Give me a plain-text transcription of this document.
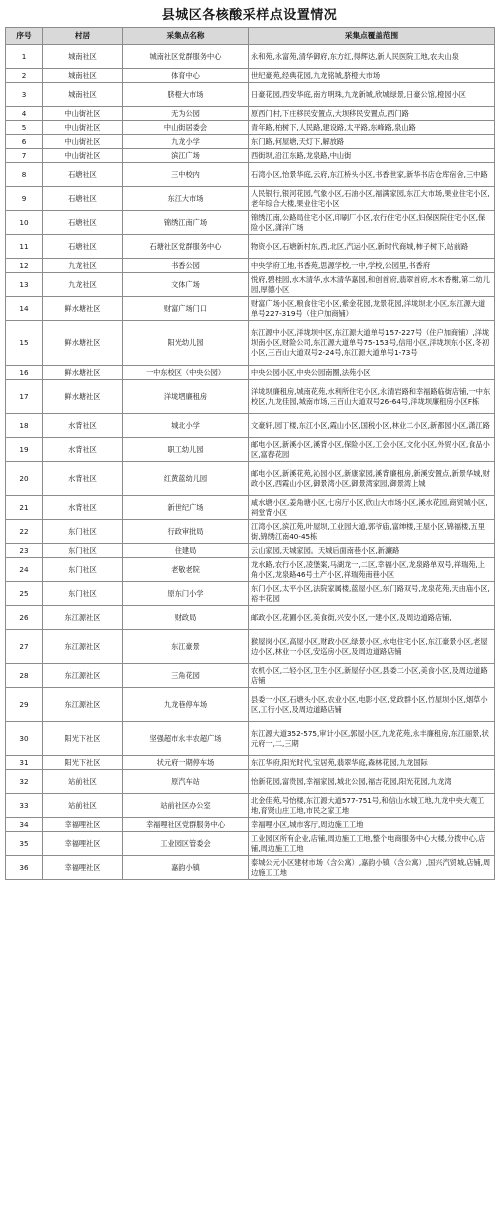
县城区各核酸采样点设置情况
序号	村居	采集点名称	采集点覆盖范围
1	城南社区	城南社区党群服务中心	永和苑,永富苑,清华御府,东方红,得辉达,新人民医院工地,农夫山泉
2	城南社区	体育中心	世纪豪苑,经典花园,九龙铭城,脐橙大市场
3	城南社区	脐橙大市场	日豪花园,西安华庭,南方明珠,九龙新城,欣城绿景,日豪公馆,橙园小区
4	中山街社区	无为公园	原西门村,下庄移民安置点,大坝移民安置点,西门路
5	中山街社区	中山街居委会	青年路,柏树下,人民路,建设路,太平路,东峰路,泉山路
6	中山街社区	九龙小学	东门路,何屋塘,天灯下,解放路
7	中山街社区	滨江广场	西街坝,沿江东路,龙泉路,中山街
8	石塘社区	三中校内	石湾小区,怡景华庭,云府,东江桥头小区,书香世家,新华书店仓库宿舍,三中路
9	石塘社区	东江大市场	人民银行,银河花园,气象小区,石油小区,福满家园,东江大市场,果业住宅小区,老年综合大楼,果业住宅小区
10	石塘社区	锦绣江南广场	锦绣江南,公路局住宅小区,印刷厂小区,农行住宅小区,妇保医院住宅小区,保险小区,潇洋广场
11	石塘社区	石塘社区党群服务中心	物资小区,石塘新村东,西,北区,汽运小区,新时代商城,柿子树下,站前路
12	九龙社区	书香公园	中央学府工地,书香苑,思源学校,一中,学校,公园里,书香府
13	九龙社区	文体广场	悦府,碧桂园,水木清华,水木清华嘉园,和创首府,翡翠首府,水木香榭,第二幼儿园,厚德小区
14	鲜水塘社区	财富广场门口	财富广场小区,粮食住宅小区,紫金花园,龙景花园,洋垅坝北小区,东江源大道单号227-319号（住户加商铺）
15	鲜水塘社区	阳光幼儿园	东江源中小区,洋垅坝中区,东江源大道单号157-227号（住户加商铺）,洋垅坝南小区,财险公司,东江源大道单号75-153号,信用小区,洋垅坝东小区,冬初小区,三百山大道双号2-24号,东江源大道单号1-73号
16	鲜水塘社区	一中东校区（中央公园）	中央公园小区,中央公园南圈,法苑小区
17	鲜水塘社区	洋垅垇廉租房	洋垅坝廉租房,城南花苑,水利所住宅小区,永清岩路和幸福路临街店铺,一中东校区,九龙佳园,城南市场,三百山大道双号26-64号,洋垅坝廉租房小区F栋
18	水背社区	城北小学	文豪轩,园丁楼,东江小区,霞山小区,国税小区,林业二小区,新都园小区,潇江路
19	水背社区	职工幼儿园	邮电小区,新溪小区,溪背小区,保险小区,工会小区,文化小区,外贸小区,食品小区,富春花园
20	水背社区	红黄蓝幼儿园	邮电小区,新溪花苑,沁园小区,新康家园,溪背廉租房,新溪安置点,新景华城,财政小区,西霞山小区,御景湾小区,御景湾家园,御景湾上城
21	水背社区	新世纪广场	咸水塘小区,姜角塘小区,七房厅小区,欣山大市场小区,溪水花园,商贸城小区,祠堂背小区
22	东门社区	行政审批局	江湾小区,滨江苑,叶屋坝,工业园大道,郭爷庙,富绅楼,王屋小区,锦福楼,五里街,锦绣江南40-45栋
23	东门社区	住建局	云山家园,天城家园。天城后面南巷小区,新濂路
24	东门社区	老敬老院	龙水路,农行小区,凌堡案,马湖龙一,二区,幸福小区,龙泉路单双号,祥瑞苑,上角小区,龙泉路46号土产小区,祥瑞苑南巷小区
25	东门社区	原东门小学	东门小区,太平小区,法院家属楼,蓝屋小区,东门路双号,龙泉花苑,天由庙小区,裕丰花园
26	东江源社区	财政局	邮政小区,花圃小区,美食街,兴安小区,一建小区,及周边道路店铺,
27	东江源社区	东江豪景	猴屋岗小区,高屋小区,财政小区,绿景小区,水电住宅小区,东江豪景小区,老屋边小区,林业一小区,安巡房小区,及周边道路店铺
28	东江源社区	三角花园	农机小区,二轻小区,卫生小区,新屋仔小区,县委二小区,美食小区,及周边道路店铺
29	东江源社区	九龙巷停车场	县委一小区,石塘头小区,农业小区,电影小区,党政群小区,竹屋坝小区,烟草小区,工行小区,及周边道路店铺
30	阳光下社区	坚强超市永丰农超广场	东江源大道352-575,审计小区,郭屋小区,九龙花苑,永丰廉租房,东江丽景,状元府一,二,三期
31	阳光下社区	状元府一期停车场	东江华府,阳光时代,宝居苑,翡翠华庭,森林花园,九龙国际
32	站前社区	原汽车站	怡新花园,富贵园,幸福家园,城北公园,福吉花园,阳光花园,九龙湾
33	站前社区	站前社区办公室	北金佳苑,号怡楼,东江源大道577-751号,和信山水城工地,九龙中央大观工地,育贤山庄工地,市民之家工地
34	幸福哩社区	幸福哩社区党群服务中心	幸福哩小区,城市客厅,周边施工工地
35	幸福哩社区	工业园区管委会	工业园区所有企业,店铺,周边施工工地,整个电商服务中心大楼,分拨中心,店铺,周边施工工地
36	幸福哩社区	嘉韵小镇	泰城公元小区建材市场（含公寓）,嘉韵小镇（含公寓）,国兴汽贸城,店铺,周边施工工地
